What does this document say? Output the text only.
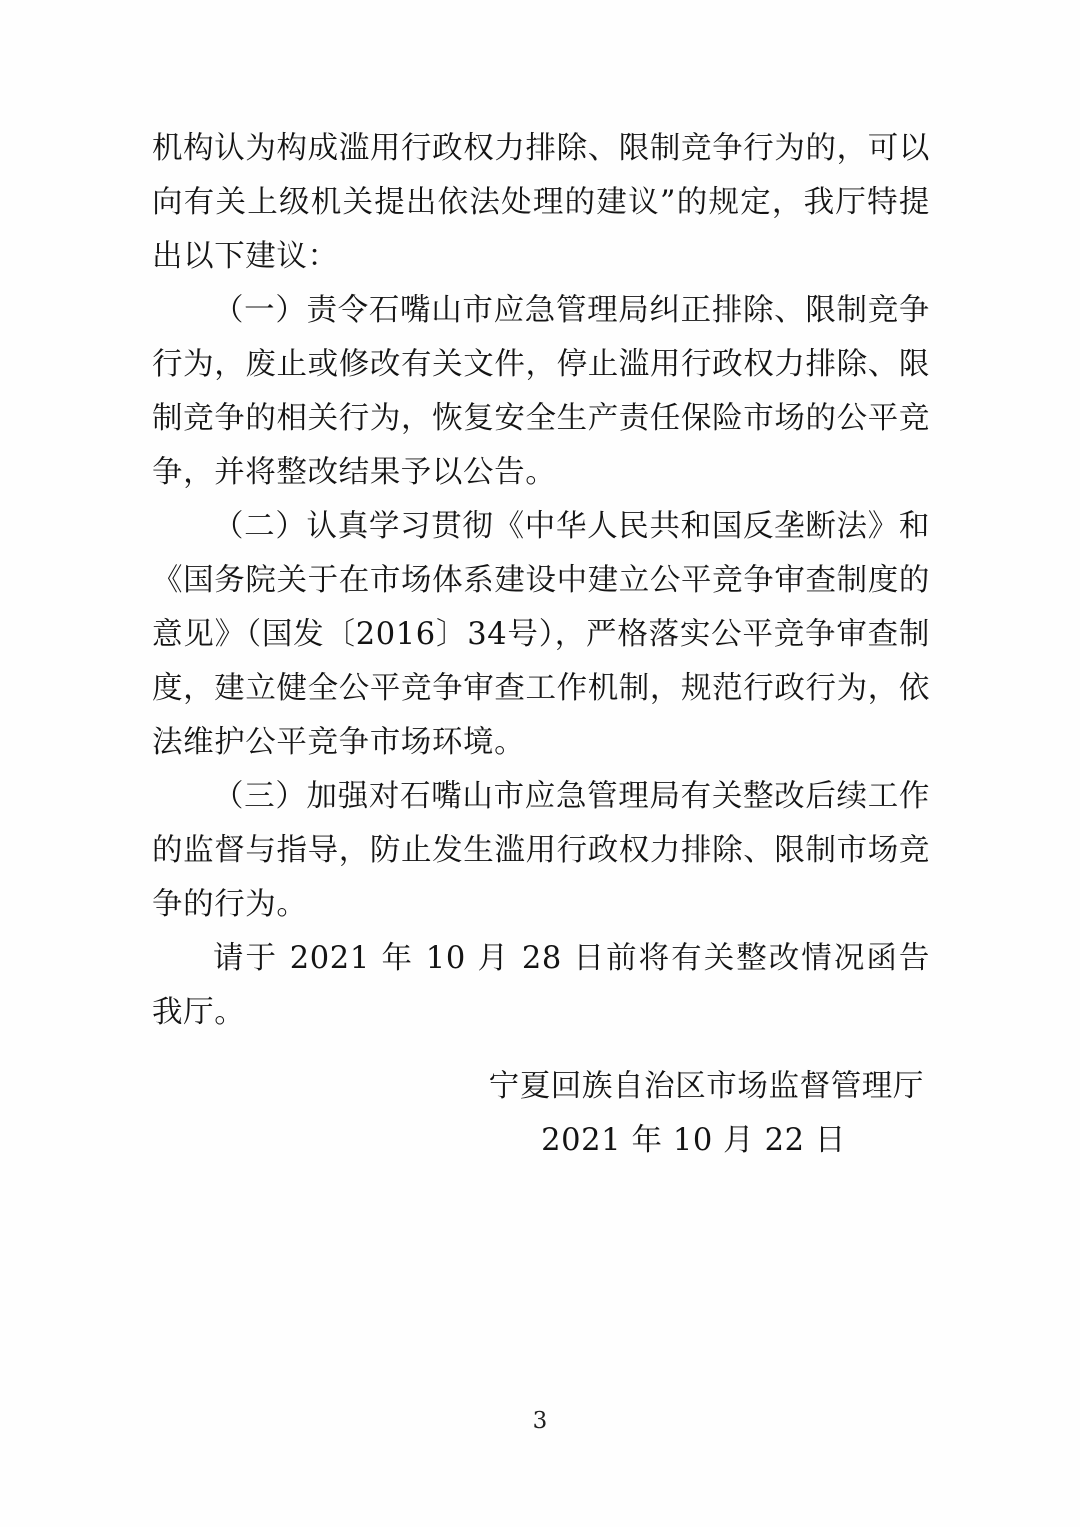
机构认为构成滥用行政权力排除、限制竞争行为的，可以向有关上级机关提出依法处理的建议”的规定，我厅特提出以下建议：

（一）责令石嘴山市应急管理局纠正排除、限制竞争行为，废止或修改有关文件，停止滥用行政权力排除、限制竞争的相关行为，恢复安全生产责任保险市场的公平竞争，并将整改结果予以公告。

（二）认真学习贯彻《中华人民共和国反垄断法》和《国务院关于在市场体系建设中建立公平竞争审查制度的意见》（国发〔2016〕34号），严格落实公平竞争审查制度，建立健全公平竞争审查工作机制，规范行政行为，依法维护公平竞争市场环境。

（三）加强对石嘴山市应急管理局有关整改后续工作的监督与指导，防止发生滥用行政权力排除、限制市场竞争的行为。

请于 2021 年 10 月 28 日前将有关整改情况函告我厅。

宁夏回族自治区市场监督管理厅
2021 年 10 月 22 日
3
